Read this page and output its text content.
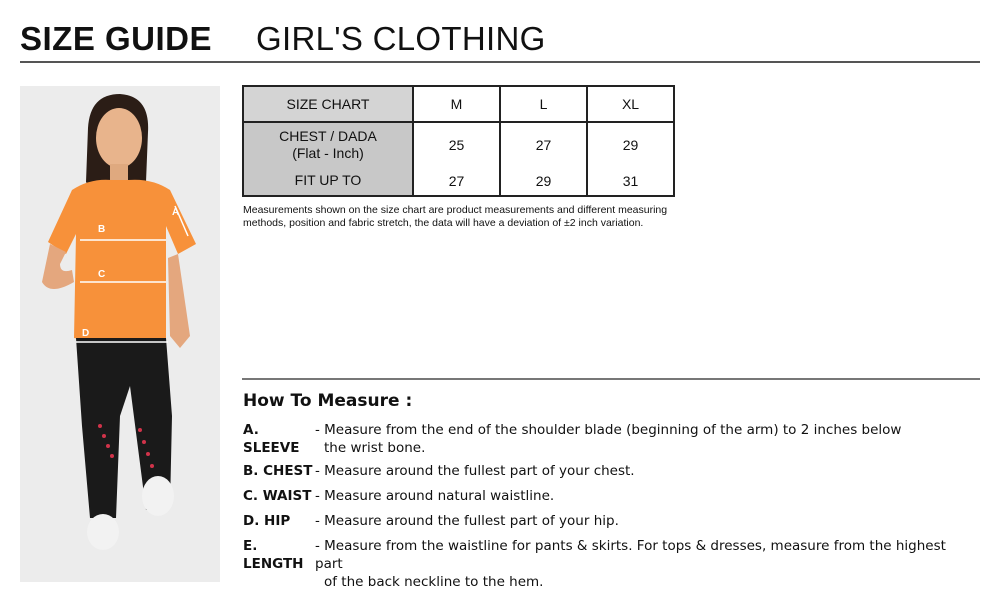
SIZE GUIDE GIRL'S CLOTHING
A
B
C
D
SIZE CHART	M	L	XL

CHEST / DADA
(Flat - Inch)	25	27	29
FIT UP TO	27	29	31
Measurements shown on the size chart are product measurements and different measuring methods, position and fabric stretch, the data will have a deviation of ±2 inch variation.
How To Measure :
A. SLEEVE
- Measure from the end of the shoulder blade (beginning of the arm) to 2 inches below
the wrist bone.
B. CHEST - Measure around the fullest part of your chest.
C. WAIST - Measure around natural waistline.
D. HIP	- Measure around the fullest part of your hip.
E. LENGTH
- Measure from the waistline for pants & skirts. For tops & dresses, measure from the highest part
of the back neckline to the hem.
